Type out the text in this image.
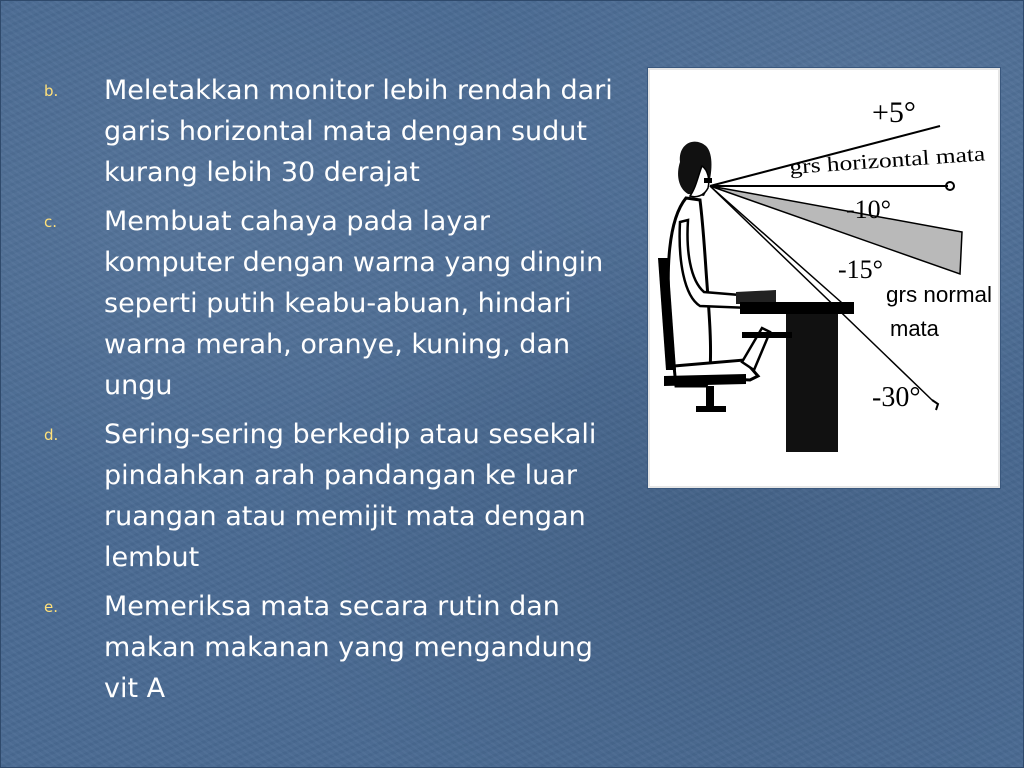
b. Meletakkan monitor lebih rendah dari garis horizontal mata dengan sudut kurang lebih 30 derajat
c. Membuat cahaya pada layar komputer dengan warna yang dingin seperti putih keabu-abuan, hindari warna merah, oranye, kuning, dan ungu
d. Sering-sering berkedip atau sesekali pindahkan arah pandangan ke luar ruangan atau memijit mata dengan lembut
e. Memeriksa mata secara rutin dan makan makanan yang mengandung vit A
+5°
grs horizontal mata
-10°
-15°
grs normal
mata
-30°
